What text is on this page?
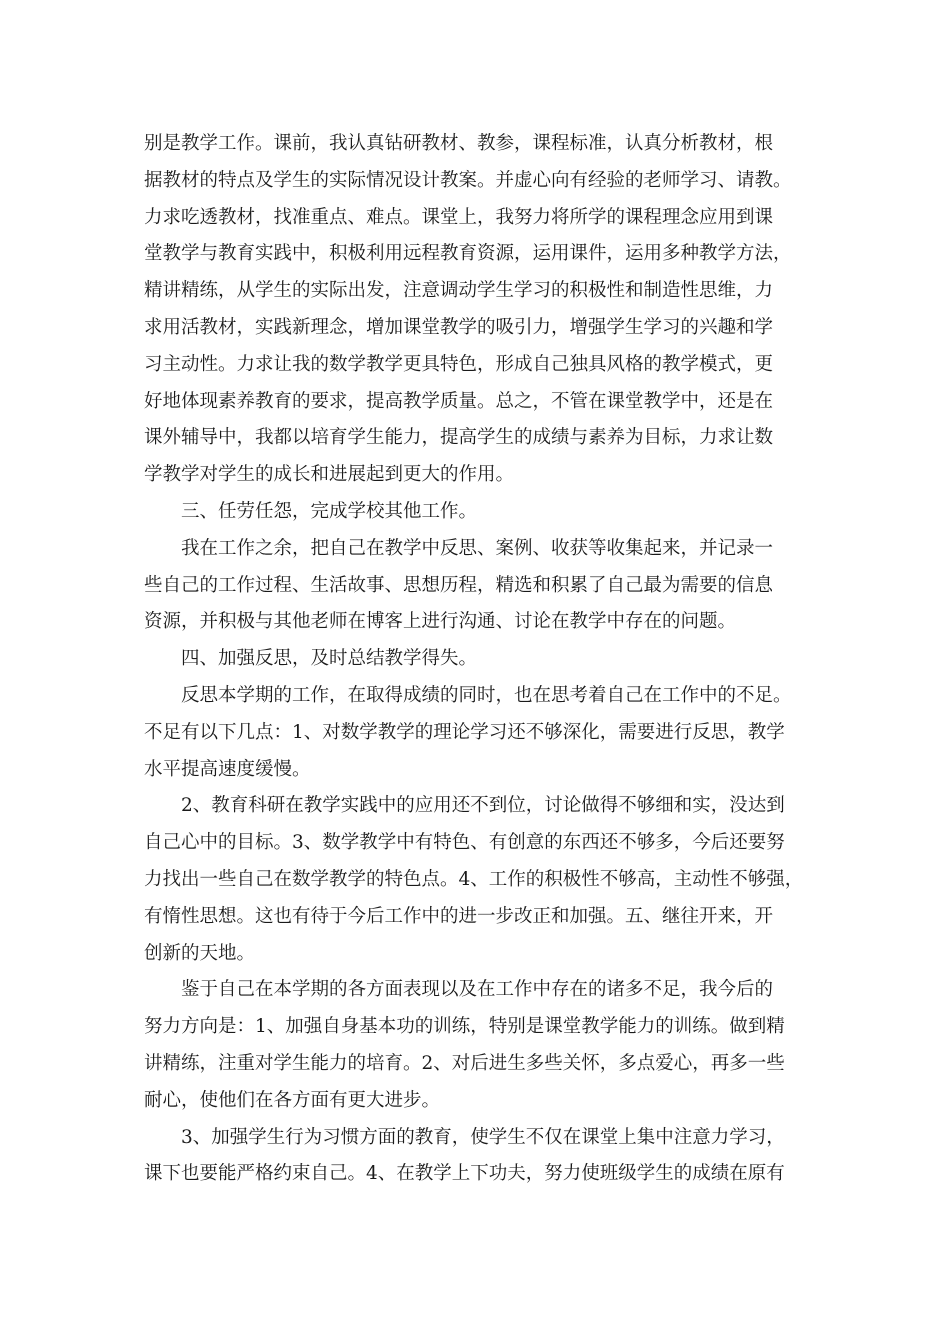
别是教学工作。课前，我认真钻研教材、教参，课程标准，认真分析教材，根
据教材的特点及学生的实际情况设计教案。并虚心向有经验的老师学习、请教。
力求吃透教材，找准重点、难点。课堂上，我努力将所学的课程理念应用到课
堂教学与教育实践中，积极利用远程教育资源，运用课件，运用多种教学方法，
精讲精练，从学生的实际出发，注意调动学生学习的积极性和制造性思维，力
求用活教材，实践新理念，增加课堂教学的吸引力，增强学生学习的兴趣和学
习主动性。力求让我的数学教学更具特色，形成自己独具风格的教学模式，更
好地体现素养教育的要求，提高教学质量。总之，不管在课堂教学中，还是在
课外辅导中，我都以培育学生能力，提高学生的成绩与素养为目标，力求让数
学教学对学生的成长和进展起到更大的作用。
三、任劳任怨，完成学校其他工作。
我在工作之余，把自己在教学中反思、案例、收获等收集起来，并记录一
些自己的工作过程、生活故事、思想历程，精选和积累了自己最为需要的信息
资源，并积极与其他老师在博客上进行沟通、讨论在教学中存在的问题。
四、加强反思，及时总结教学得失。
反思本学期的工作，在取得成绩的同时，也在思考着自己在工作中的不足。
不足有以下几点：1、对数学教学的理论学习还不够深化，需要进行反思，教学
水平提高速度缓慢。
2、教育科研在教学实践中的应用还不到位，讨论做得不够细和实，没达到
自己心中的目标。3、数学教学中有特色、有创意的东西还不够多，今后还要努
力找出一些自己在数学教学的特色点。4、工作的积极性不够高，主动性不够强，
有惰性思想。这也有待于今后工作中的进一步改正和加强。五、继往开来，开
创新的天地。
鉴于自己在本学期的各方面表现以及在工作中存在的诸多不足，我今后的
努力方向是：1、加强自身基本功的训练，特别是课堂教学能力的训练。做到精
讲精练，注重对学生能力的培育。2、对后进生多些关怀，多点爱心，再多一些
耐心，使他们在各方面有更大进步。
3、加强学生行为习惯方面的教育，使学生不仅在课堂上集中注意力学习，
课下也要能严格约束自己。4、在教学上下功夫，努力使班级学生的成绩在原有
